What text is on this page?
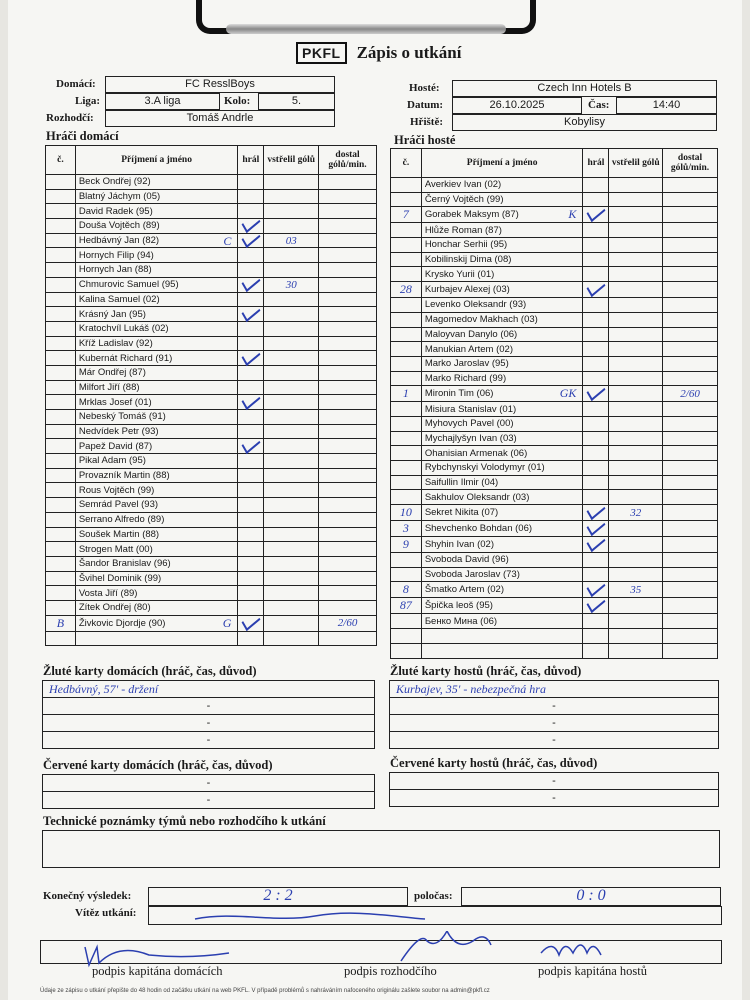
PKFL Zápis o utkání
Domácí:	FC ResslBoys
Liga:	3.A liga	Kolo:	5.
Rozhodčí:	Tomáš Andrle
Hosté:	Czech Inn Hotels B
Datum:	26.10.2025	Čas:	14:40
Hřiště:	Kobylisy
Hráči domácí	Hráči hosté
č.	Příjmení a jméno	hrál	vstřelil gólů	dostal gólů/min.
	Beck Ondřej (92)			
	Blatný Jáchym (05)			
	David Radek (95)			
	Douša Vojtěch (89)			
	Hedbávný Jan (82) C		03	
	Hornych Filip (94)			
	Hornych Jan (88)			
	Chmurovic Samuel (95)		30	
	Kalina Samuel (02)			
	Krásný Jan (95)			
	Kratochvíl Lukáš (02)			
	Kříž Ladislav (92)			
	Kubernát Richard (91)			
	Már Ondřej (87)			
	Milfort Jiří (88)			
	Mrklas Josef (01)			
	Nebeský Tomáš (91)			
	Nedvídek Petr (93)			
	Papež David (87)			
	Pikal Adam (95)			
	Provazník Martin (88)			
	Rous Vojtěch (99)			
	Semrád Pavel (93)			
	Serrano Alfredo (89)			
	Soušek Martin (88)			
	Strogen Matt (00)			
	Šandor Branislav (96)			
	Švihel Dominik (99)			
	Vosta Jiří (89)			
	Zítek Ondřej (80)			
B	Živkovic Djordje (90) G			2/60

č.	Příjmení a jméno	hrál	vstřelil gólů	dostal gólů/min.
	Averkiev Ivan (02)			
	Černý Vojtěch (99)			
7	Gorabek Maksym (87) K			

	Hlůže Roman (87)			
	Honchar Serhii (95)			
	Kobilinskij Dima (08)			
	Krysko Yurii (01)			
28	Kurbajev Alexej (03)			
	Levenko Oleksandr (93)			
	Magomedov Makhach (03)			
	Maloyvan Danylo (06)			
	Manukian Artem (02)			
	Marko Jaroslav (95)			
	Marko Richard (99)			
1	Mironin Tim (06) GK			2/60
	Misiura Stanislav (01)			
	Myhovych Pavel (00)			
	Mychajlyšyn Ivan (03)			
	Ohanisian Armenak (06)			
	Rybchynskyi Volodymyr (01)			
	Saifullin Ilmir (04)			
	Sakhulov Oleksandr (03)			
10	Sekret Nikita (07)		32	
3	Shevchenko Bohdan (06)			
9	Shyhin Ivan (02)			
	Svoboda David (96)			
	Svoboda Jaroslav (73)			
8	Šmatko Artem (02)		35	
87	Špička leoš (95)			
	Бенко Мина (06)			

Žluté karty domácích (hráč, čas, důvod)
Hedbávný, 57' - držení
-
-
-
Žluté karty hostů (hráč, čas, důvod)
Kurbajev, 35' - nebezpečná hra
-
-
-
Červené karty domácích (hráč, čas, důvod)
-
-
Červené karty hostů (hráč, čas, důvod)
-
-
Technické poznámky týmů nebo rozhodčího k utkání
Konečný výsledek:	2 : 2	poločas:	0 : 0
Vítěz utkání:
podpis kapitána domácích	podpis rozhodčího	podpis kapitána hostů
Údaje ze zápisu o utkání přepište do 48 hodin od začátku utkání na web PKFL. V případě problémů s nahráváním nafoceného originálu zašlete soubor na admin@pkfl.cz
